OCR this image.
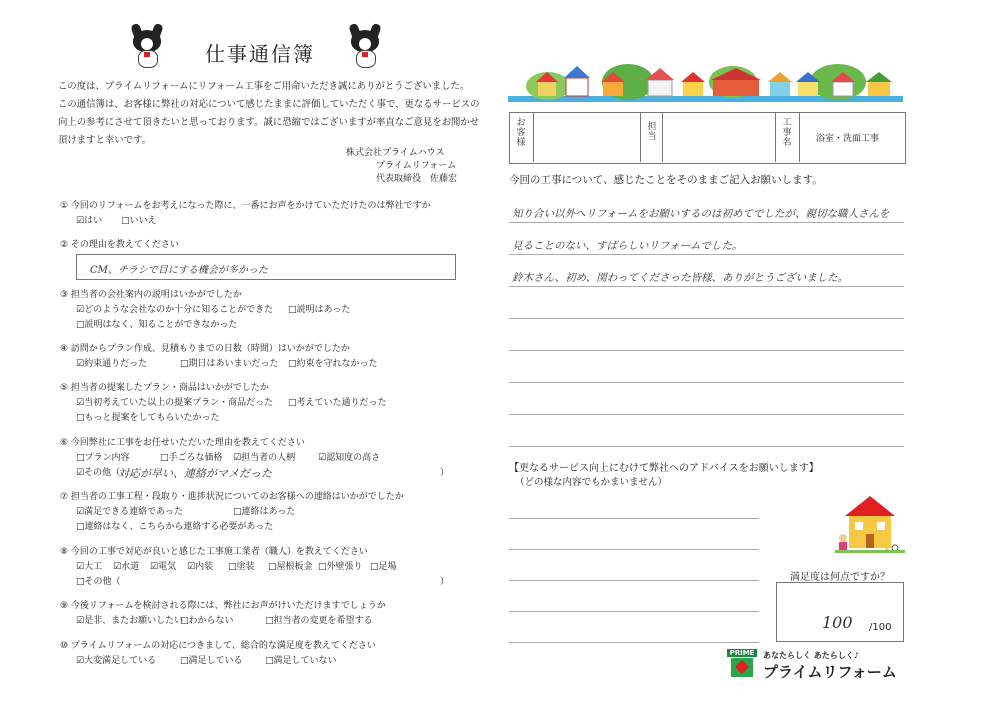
仕事通信簿
この度は、プライムリフォームにリフォーム工事をご用命いただき誠にありがとうございました。
この通信簿は、お客様に弊社の対応について感じたままに評価していただく事で、更なるサービスの
向上の参考にさせて頂きたいと思っております。誠に恐縮ではございますが率直なご意見をお聞かせ
頂けますと幸いです。
株式会社プライムハウス
プライムリフォーム
代表取締役　佐藤宏
① 今回のリフォームをお考えになった際に、一番にお声をかけていただけたのは弊社ですか
☑はい □いいえ
② その理由を教えてください
CM、チラシで目にする機会が多かった
③ 担当者の会社案内の説明はいかがでしたか
☑どのような会社なのか十分に知ることができた □説明はあった
□説明はなく、知ることができなかった
④ 訪問からプラン作成、見積もりまでの日数（時間）はいかがでしたか
☑約束通りだった	□期日はあいまいだった □約束を守れなかった
⑤ 担当者の提案したプラン・商品はいかがでしたか
☑当初考えていた以上の提案プラン・商品だった □考えていた通りだった
□もっと提案をしてもらいたかった
⑥ 今回弊社に工事をお任せいただいた理由を教えてください
□プラン内容	□手ごろな価格 ☑担当者の人柄	☑認知度の高さ
☑その他（
対応が早い、連絡がマメだった	）
⑦ 担当者の工事工程・段取り・進捗状況についてのお客様への連絡はいかがでしたか
☑満足できる連絡であった	□連絡はあった
□連絡はなく、こちらから連絡する必要があった
⑧ 今回の工事で対応が良いと感じた工事施工業者（職人）を教えてください
☑大工 ☑水道 ☑電気 ☑内装 □塗装 □屋根板金 □外壁張り □足場
□その他（	）
⑨ 今後リフォームを検討される際には、弊社にお声がけいただけますでしょうか
☑是非、またお願いしたい
□わからない	□担当者の変更を希望する
⑩ プライムリフォームの対応につきまして、総合的な満足度を教えてください
☑大変満足している	□満足している □満足していない
お客様
担当
工事名	浴室・洗面工事
今回の工事について、感じたことをそのままご記入お願いします。
知り合い以外へリフォームをお願いするのは初めてでしたが、親切な職人さんを
見ることのない、すばらしいリフォームでした。
鈴木さん、初め、関わってくださった皆様、ありがとうございました。
【更なるサービス向上にむけて弊社へのアドバイスをお願いします】
（どの様な内容でもかまいません）
満足度は何点ですか？
100 /100
PRIME	あなたらしく あたらしく♪
プライムリフォーム
